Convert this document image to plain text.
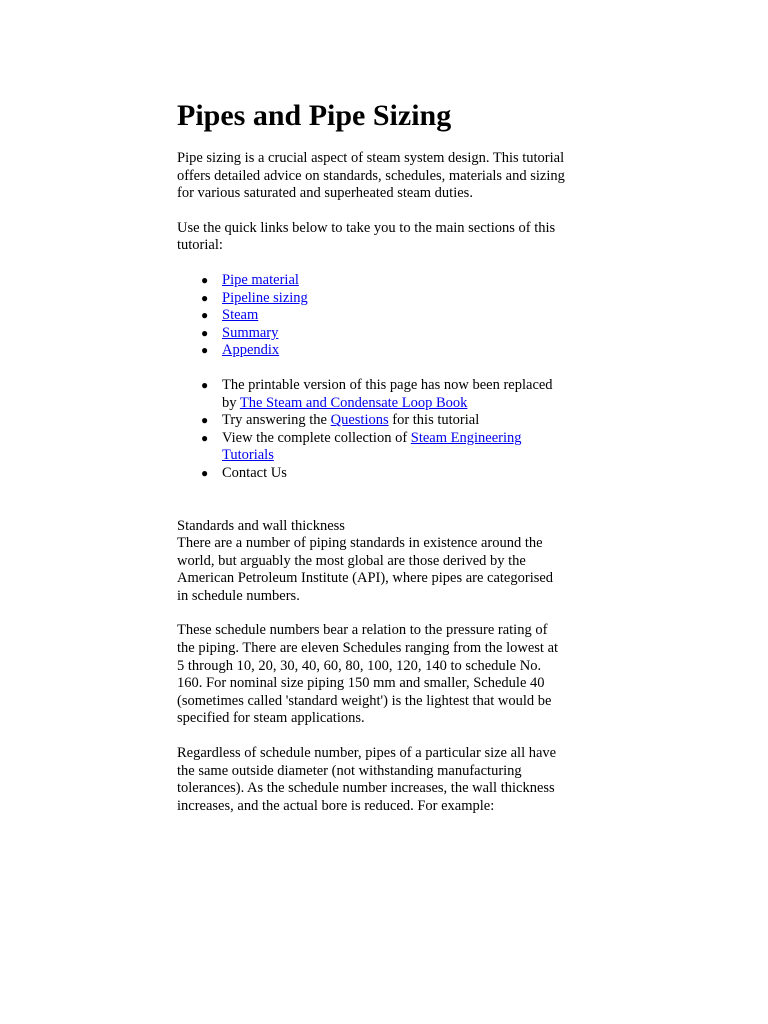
Pipes and Pipe Sizing

Pipe sizing is a crucial aspect of steam system design. This tutorial offers detailed advice on standards, schedules, materials and sizing for various saturated and superheated steam duties.

Use the quick links below to take you to the main sections of this tutorial:

● Pipe material
● Pipeline sizing
● Steam
● Summary
● Appendix
● The printable version of this page has now been replaced by The Steam and Condensate Loop Book
● Try answering the Questions for this tutorial
● View the complete collection of Steam Engineering Tutorials
● Contact Us
Standards and wall thickness

There are a number of piping standards in existence around the world, but arguably the most global are those derived by the American Petroleum Institute (API), where pipes are categorised in schedule numbers.

These schedule numbers bear a relation to the pressure rating of the piping. There are eleven Schedules ranging from the lowest at 5 through 10, 20, 30, 40, 60, 80, 100, 120, 140 to schedule No. 160. For nominal size piping 150 mm and smaller, Schedule 40 (sometimes called 'standard weight') is the lightest that would be specified for steam applications.

Regardless of schedule number, pipes of a particular size all have the same outside diameter (not withstanding manufacturing tolerances). As the schedule number increases, the wall thickness increases, and the actual bore is reduced. For example:
